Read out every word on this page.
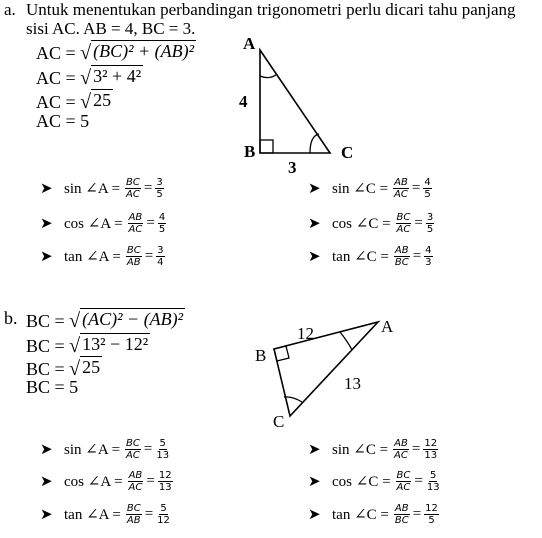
a. Untuk menentukan perbandingan trigonometri perlu dicari tahu panjang
sisi AC. AB = 4, BC = 3.
AC = √ (BC)² + (AB)²
AC = √ 3² + 4²
AC = √ 25
AC = 5
A
B	C
4
3
➤ sin ∠A = $\frac{BC}{AC} = \frac{3}{5}$
➤ cos ∠A = $\frac{AB}{AC} = \frac{4}{5}$
➤ tan ∠A = $\frac{BC}{AB} = \frac{3}{4}$
➤ sin ∠C = $\frac{AB}{AC} = \frac{4}{5}$
➤ cos ∠C = $\frac{BC}{AC} = \frac{3}{5}$
➤ tan ∠C = $\frac{AB}{BC} = \frac{4}{3}$
b. BC = √ (AC)² − (AB)²
BC = √ 13² − 12²
BC = √ 25
BC = 5
A
B
C
12
13
➤ sin ∠A = $\frac{BC}{AC} = \frac{5}{13}$
➤ cos ∠A = $\frac{AB}{AC} = \frac{12}{13}$
➤ tan ∠A = $\frac{BC}{AB} = \frac{5}{12}$
➤ sin ∠C = $\frac{AB}{AC} = \frac{12}{13}$
➤ cos ∠C = $\frac{BC}{AC} = \frac{5}{13}$
➤ tan ∠C = $\frac{AB}{BC} = \frac{12}{5}$
